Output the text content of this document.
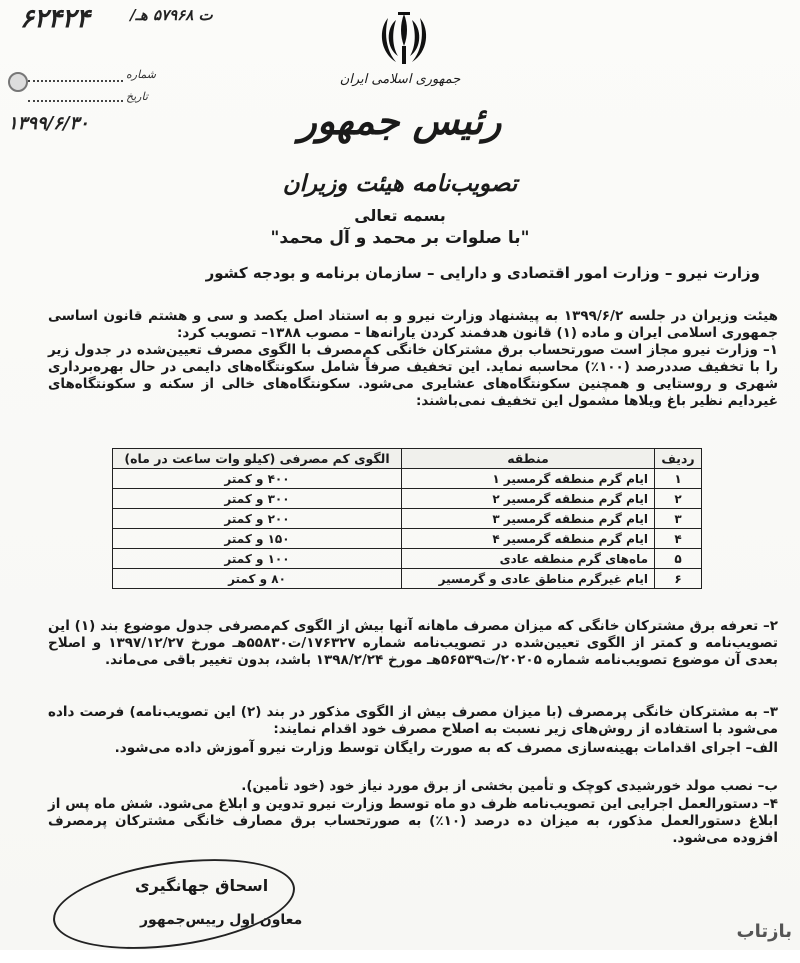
۶۲۴۲۴	/ت ۵۷۹۶۸ هـ
شماره
تاریخ
۱۳۹۹/۶/۳۰
جمهوری اسلامی ایران
رئیس جمهور
تصویب‌نامه هیئت وزیران
بسمه تعالی
"با صلوات بر محمد و آل محمد"
وزارت نیرو – وزارت امور اقتصادی و دارایی – سازمان برنامه و بودجه کشور
هیئت وزیران در جلسه ۱۳۹۹/۶/۲ به پیشنهاد وزارت نیرو و به استناد اصل یکصد و سی و هشتم قانون اساسی جمهوری اسلامی ایران و ماده (۱) قانون هدفمند کردن یارانه‌ها – مصوب ۱۳۸۸– تصویب کرد:
۱– وزارت نیرو مجاز است صورتحساب برق مشترکان خانگی کم‌مصرف با الگوی مصرف تعیین‌شده در جدول زیر را با تخفیف صددرصد (۱۰۰٪) محاسبه نماید. این تخفیف صرفاً شامل سکونتگاه‌های دایمی در حال بهره‌برداری شهری و روستایی و همچنین سکونتگاه‌های عشایری می‌شود. سکونتگاه‌های خالی از سکنه و سکونتگاه‌های غیردایم نظیر باغ ویلاها مشمول این تخفیف نمی‌باشند:
ردیف	منطقه	الگوی کم مصرفی (کیلو وات ساعت در ماه)
۱	ایام گرم منطقه گرمسیر ۱	۴۰۰ و کمتر
۲	ایام گرم منطقه گرمسیر ۲	۳۰۰ و کمتر
۳	ایام گرم منطقه گرمسیر ۳	۲۰۰ و کمتر
۴	ایام گرم منطقه گرمسیر ۴	۱۵۰ و کمتر
۵	ماه‌های گرم منطقه عادی	۱۰۰ و کمتر
۶	ایام غیرگرم مناطق عادی و گرمسیر	۸۰ و کمتر
۲– تعرفه برق مشترکان خانگی که میزان مصرف ماهانه آنها بیش از الگوی کم‌مصرفی جدول موضوع بند (۱) این تصویب‌نامه و کمتر از الگوی تعیین‌شده در تصویب‌نامه شماره ۱۷۶۳۲۷/ت۵۵۸۳۰هـ مورخ ۱۳۹۷/۱۲/۲۷ و اصلاح بعدی آن موضوع تصویب‌نامه شماره ۲۰۲۰۵/ت۵۶۵۳۹هـ مورخ ۱۳۹۸/۲/۲۴ باشد، بدون تغییر باقی می‌ماند.
۳– به مشترکان خانگی پرمصرف (با میزان مصرف بیش از الگوی مذکور در بند (۲) این تصویب‌نامه) فرصت داده می‌شود با استفاده از روش‌های زیر نسبت به اصلاح مصرف خود اقدام نمایند:
الف– اجرای اقدامات بهینه‌سازی مصرف که به صورت رایگان توسط وزارت نیرو آموزش داده می‌شود.
ب– نصب مولد خورشیدی کوچک و تأمین بخشی از برق مورد نیاز خود (خود تأمین).
۴– دستورالعمل اجرایی این تصویب‌نامه ظرف دو ماه توسط وزارت نیرو تدوین و ابلاغ می‌شود. شش ماه پس از ابلاغ دستورالعمل مذکور، به میزان ده درصد (۱۰٪) به صورتحساب برق مصارف خانگی مشترکان پرمصرف افزوده می‌شود.
اسحاق جهانگیری
معاون اول رییس‌جمهور
بازتاب
